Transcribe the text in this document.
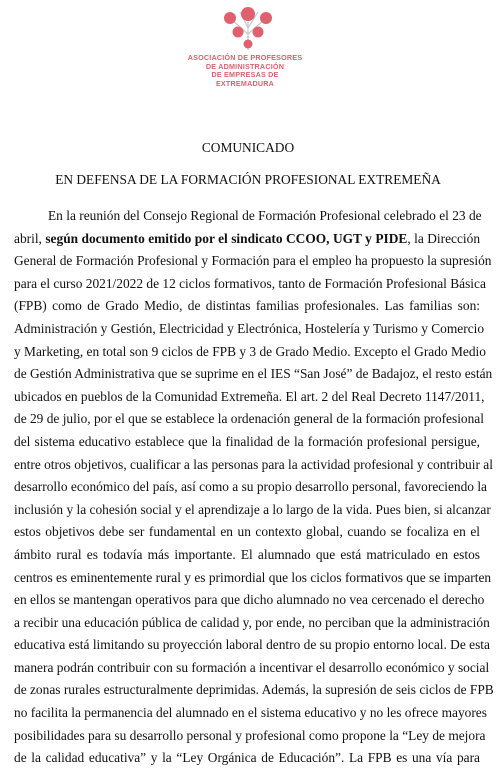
ASOCIACIÓN DE PROFESORES
DE ADMINISTRACIÓN
DE EMPRESAS DE
EXTREMADURA
COMUNICADO
EN DEFENSA DE LA FORMACIÓN PROFESIONAL EXTREMEÑA
En la reunión del Consejo Regional de Formación Profesional celebrado el 23 de
abril, según documento emitido por el sindicato CCOO, UGT y PIDE, la Dirección
General de Formación Profesional y Formación para el empleo ha propuesto la supresión
para el curso 2021/2022 de 12 ciclos formativos, tanto de Formación Profesional Básica
(FPB) como de Grado Medio, de distintas familias profesionales. Las familias son:
Administración y Gestión, Electricidad y Electrónica, Hostelería y Turismo y Comercio
y Marketing, en total son 9 ciclos de FPB y 3 de Grado Medio. Excepto el Grado Medio
de Gestión Administrativa que se suprime en el IES “San José” de Badajoz, el resto están
ubicados en pueblos de la Comunidad Extremeña. El art. 2 del Real Decreto 1147/2011,
de 29 de julio, por el que se establece la ordenación general de la formación profesional
del sistema educativo establece que la finalidad de la formación profesional persigue,
entre otros objetivos, cualificar a las personas para la actividad profesional y contribuir al
desarrollo económico del país, así como a su propio desarrollo personal, favoreciendo la
inclusión y la cohesión social y el aprendizaje a lo largo de la vida. Pues bien, si alcanzar
estos objetivos debe ser fundamental en un contexto global, cuando se focaliza en el
ámbito rural es todavía más importante. El alumnado que está matriculado en estos
centros es eminentemente rural y es primordial que los ciclos formativos que se imparten
en ellos se mantengan operativos para que dicho alumnado no vea cercenado el derecho
a recibir una educación pública de calidad y, por ende, no perciban que la administración
educativa está limitando su proyección laboral dentro de su propio entorno local. De esta
manera podrán contribuir con su formación a incentivar el desarrollo económico y social
de zonas rurales estructuralmente deprimidas. Además, la supresión de seis ciclos de FPB
no facilita la permanencia del alumnado en el sistema educativo y no les ofrece mayores
posibilidades para su desarrollo personal y profesional como propone la “Ley de mejora
de la calidad educativa” y la “Ley Orgánica de Educación”. La FPB es una vía para
